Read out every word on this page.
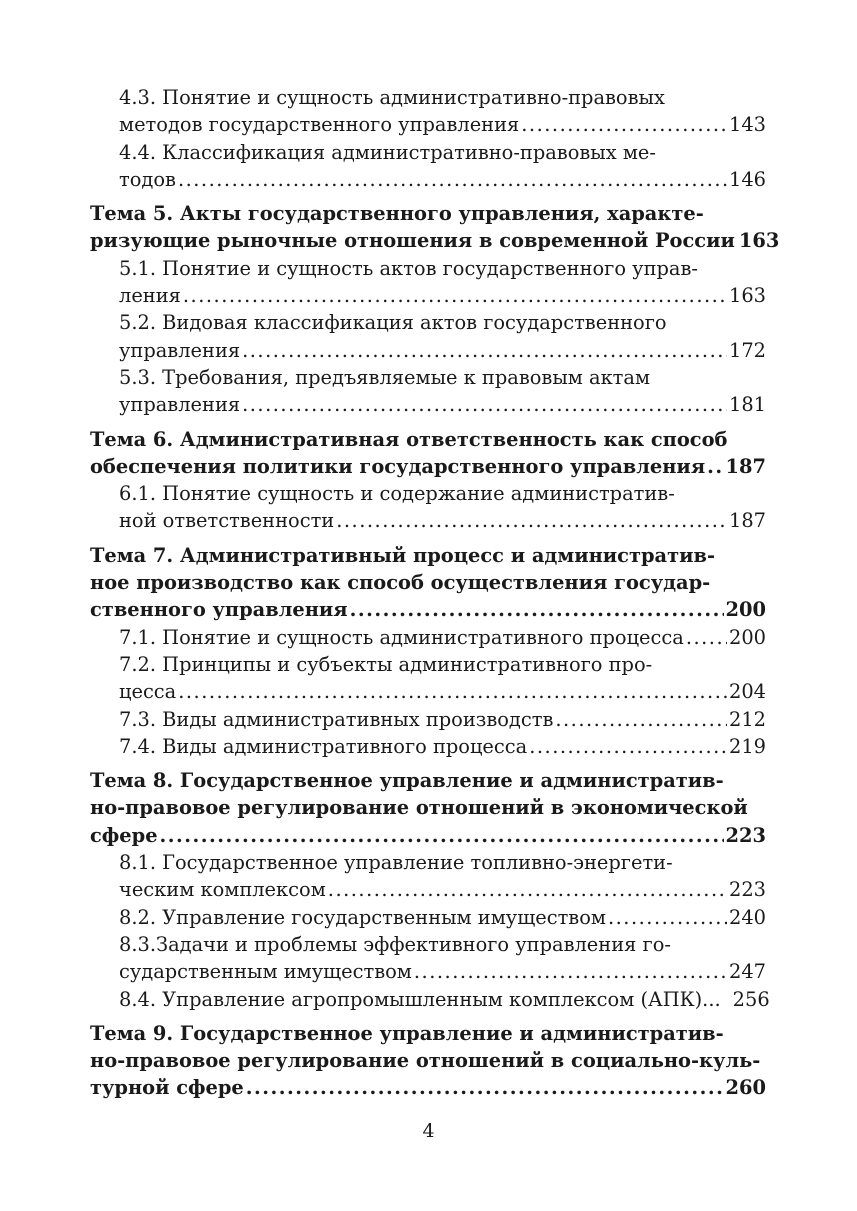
4.3. Понятие и сущность административно-правовых
методов государственного управления .....	143
4.4. Классификация административно-правовых ме-
тодов .....	146
Тема 5. Акты государственного управления, характе-
ризующие рыночные отношения в современной России 163
5.1. Понятие и сущность актов государственного управ-
ления .....	163
5.2. Видовая классификация актов государственного
управления .....	172
5.3. Требования, предъявляемые к правовым актам
управления .....	181
Тема 6. Административная ответственность как способ
обеспечения политики государственного управления ..... 187
6.1. Понятие сущность и содержание административ-
ной ответственности .....	187
Тема 7. Административный процесс и административ-
ное производство как способ осуществления государ-
ственного управления .....	200
7.1. Понятие и сущность административного процесса ..... 200
7.2. Принципы и субъекты административного про-
цесса .....	204
7.3. Виды административных производств .....	212
7.4. Виды административного процесса .....	219
Тема 8. Государственное управление и административ-
но-правовое регулирование отношений в экономической
сфере .....	223
8.1. Государственное управление топливно-энергети-
ческим комплексом .....	223
8.2. Управление государственным имуществом .....	240
8.3.Задачи и проблемы эффективного управления го-
сударственным имуществом .....	247
8.4. Управление агропромышленным комплексом (АПК)... 256
Тема 9. Государственное управление и административ-
но-правовое регулирование отношений в социально-куль-
турной сфере .....	260
4
